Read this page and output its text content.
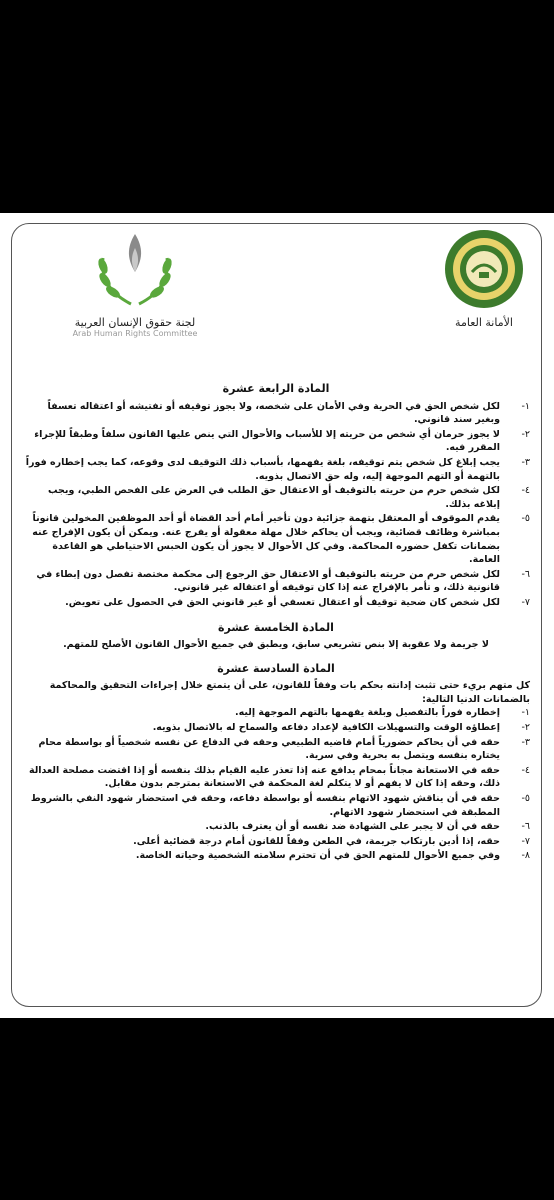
الأمانة العامة
لجنة حقوق الإنسان العربية
Arab Human Rights Committee
المادة الرابعة عشرة
١-
لكل شخص الحق في الحرية وفي الأمان على شخصه، ولا يجوز توقيفه أو تفتيشه أو اعتقاله تعسفاً وبغير سند قانوني.
٢-
لا يجوز حرمان أي شخص من حريته إلا للأسباب والأحوال التي ينص عليها القانون سلفاً وطبقاً للإجراء المقرر فيه.
٣-
يجب إبلاغ كل شخص يتم توقيفه، بلغة يفهمها، بأسباب ذلك التوقيف لدى وقوعه، كما يجب إخطاره فوراً بالتهمة أو التهم الموجهة إليه، وله حق الاتصال بذويه.
٤-
لكل شخص حرم من حريته بالتوقيف أو الاعتقال حق الطلب في العرض على الفحص الطبي، ويجب إبلاغه بذلك.
٥-
يقدم الموقوف أو المعتقل بتهمة جزائية دون تأخير أمام أحد القضاة أو أحد الموظفين المخولين قانوناً بمباشرة وظائف قضائية، ويجب أن يحاكم خلال مهلة معقولة أو يفرج عنه. ويمكن أن يكون الإفراج عنه بضمانات تكفل حضوره المحاكمة. وفي كل الأحوال لا يجوز أن يكون الحبس الاحتياطي هو القاعدة العامة.
٦-
لكل شخص حرم من حريته بالتوقيف أو الاعتقال حق الرجوع إلى محكمة مختصة تفصل دون إبطاء في قانونية ذلك، و تأمر بالإفراج عنه إذا كان توقيفه أو اعتقاله غير قانوني.
٧-
لكل شخص كان ضحية توقيف أو اعتقال تعسفي أو غير قانوني الحق في الحصول على تعويض.
المادة الخامسة عشرة

لا جريمة ولا عقوبة إلا بنص تشريعي سابق، ويطبق في جميع الأحوال القانون الأصلح للمتهم.

المادة السادسة عشرة

كل متهم بريء حتى تثبت إدانته بحكم بات وفقاً للقانون، على أن يتمتع خلال إجراءات التحقيق والمحاكمة بالضمانات الدنيا التالية:

١-
إخطاره فوراً بالتفصيل وبلغة يفهمها بالتهم الموجهة إليه.
٢-
إعطاؤه الوقت والتسهيلات الكافية لإعداد دفاعه والسماح له بالاتصال بذويه.
٣-
حقه في أن يحاكم حضورياً أمام قاضيه الطبيعي وحقه في الدفاع عن نفسه شخصياً أو بواسطة محام يختاره بنفسه ويتصل به بحرية وفي سرية.
٤-
حقه في الاستعانة مجاناً بمحام يدافع عنه إذا تعذر عليه القيام بذلك بنفسه أو إذا اقتضت مصلحة العدالة ذلك، وحقه إذا كان لا يفهم أو لا يتكلم لغة المحكمة في الاستعانة بمترجم بدون مقابل.
٥-
حقه في أن يناقش شهود الاتهام بنفسه أو بواسطة دفاعه، وحقه في استحضار شهود النفي بالشروط المطبقة في استحضار شهود الاتهام.
٦-
حقه في أن لا يجبر على الشهادة ضد نفسه أو أن يعترف بالذنب.
٧-
حقه، إذا أدين بارتكاب جريمة، في الطعن وفقاً للقانون أمام درجة قضائية أعلى.
٨-
وفي جميع الأحوال للمتهم الحق في أن تحترم سلامته الشخصية وحياته الخاصة.
